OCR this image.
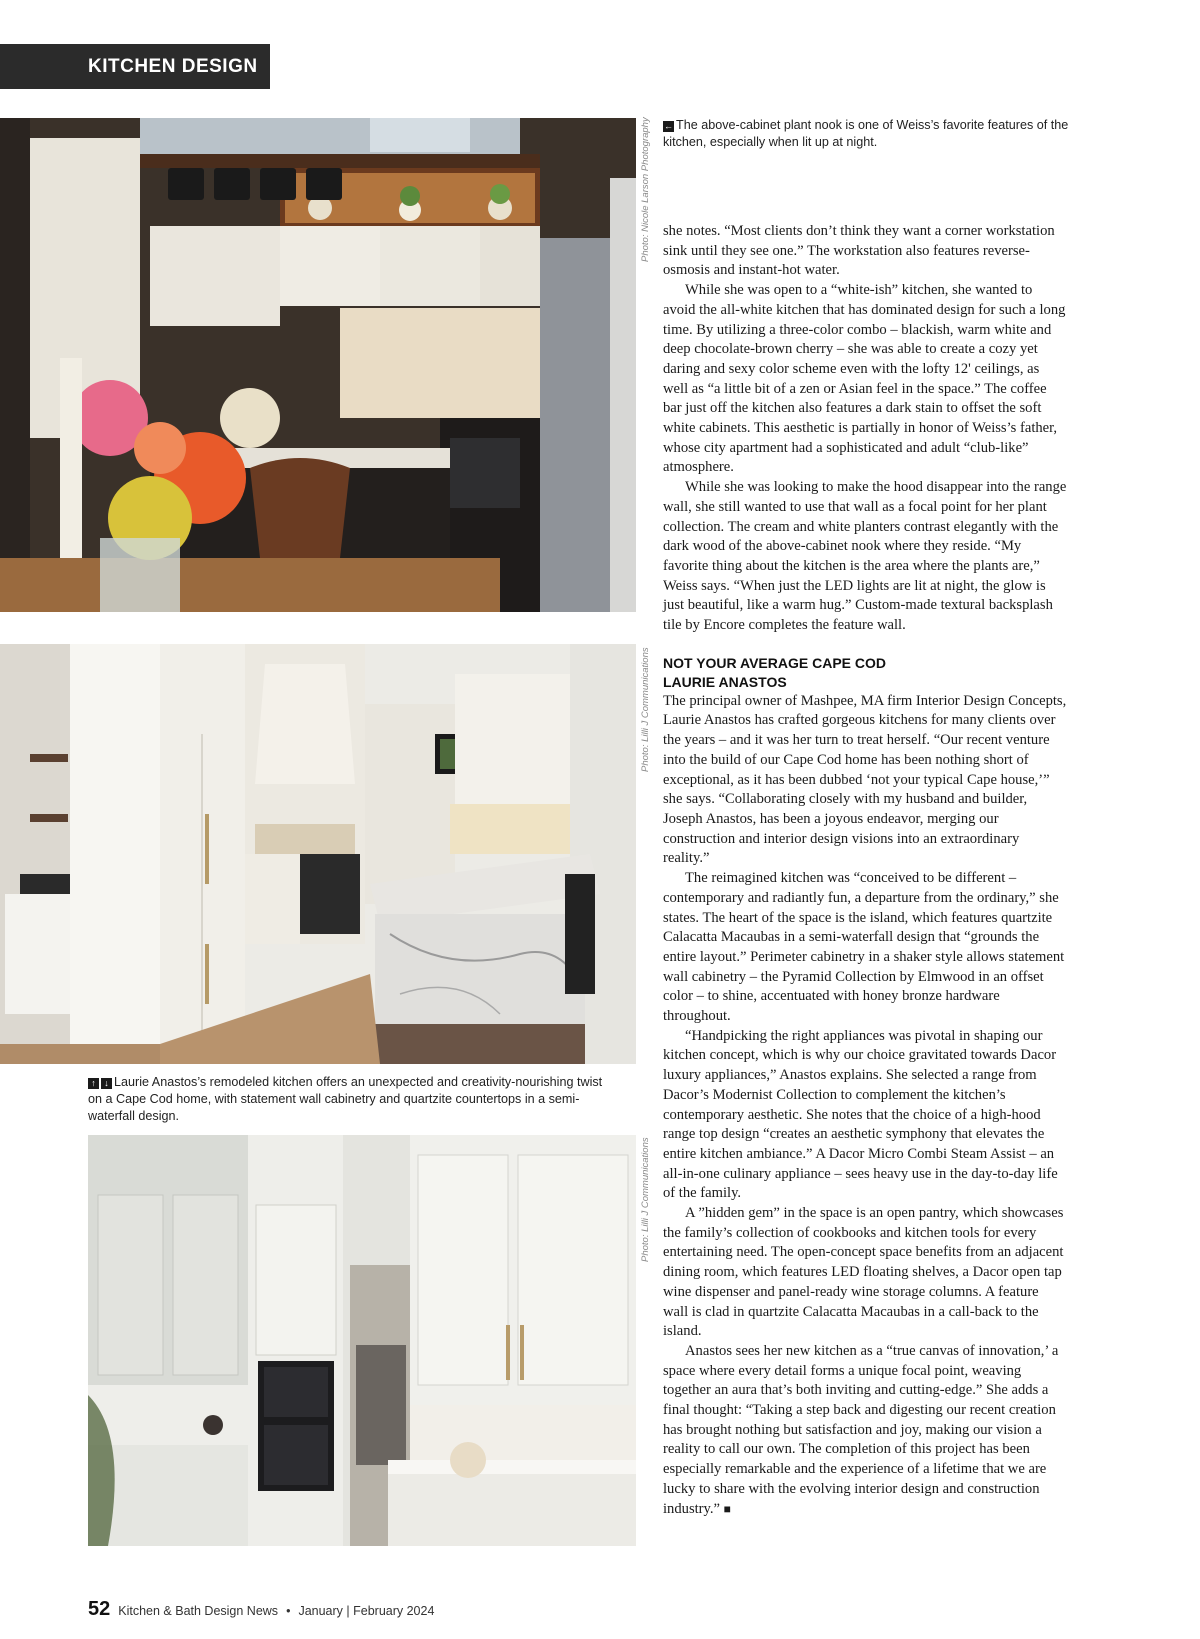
KITCHEN DESIGN
Photo: Nicole Larson Photography
Photo: Lilli J Communications
↑ ↓ Laurie Anastos’s remodeled kitchen offers an unexpected and creativity-nourishing twist on a Cape Cod home, with statement wall cabinetry and quartzite countertops in a semi-waterfall design.
Photo: Lilli J Communications
← The above-cabinet plant nook is one of Weiss’s favorite features of the kitchen, especially when lit up at night.

she notes. “Most clients don’t think they want a corner workstation sink until they see one.” The workstation also features reverse-osmosis and instant-hot water.

While she was open to a “white-ish” kitchen, she wanted to avoid the all-white kitchen that has dominated design for such a long time. By utilizing a three-color combo – blackish, warm white and deep chocolate-brown cherry – she was able to create a cozy yet daring and sexy color scheme even with the lofty 12' ceilings, as well as “a little bit of a zen or Asian feel in the space.” The coffee bar just off the kitchen also features a dark stain to offset the soft white cabinets. This aesthetic is partially in honor of Weiss’s father, whose city apartment had a sophisticated and adult “club-like” atmosphere.

While she was looking to make the hood disappear into the range wall, she still wanted to use that wall as a focal point for her plant collection. The cream and white planters contrast elegantly with the dark wood of the above-cabinet nook where they reside. “My favorite thing about the kitchen is the area where the plants are,” Weiss says. “When just the LED lights are lit at night, the glow is just beautiful, like a warm hug.” Custom-made textural backsplash tile by Encore completes the feature wall.

NOT YOUR AVERAGE CAPE COD
LAURIE ANASTOS

The principal owner of Mashpee, MA firm Interior Design Concepts, Laurie Anastos has crafted gorgeous kitchens for many clients over the years – and it was her turn to treat herself. “Our recent venture into the build of our Cape Cod home has been nothing short of exceptional, as it has been dubbed ‘not your typical Cape house,’” she says. “Collaborating closely with my husband and builder, Joseph Anastos, has been a joyous endeavor, merging our construction and interior design visions into an extraordinary reality.”

The reimagined kitchen was “conceived to be different – contemporary and radiantly fun, a departure from the ordinary,” she states. The heart of the space is the island, which features quartzite Calacatta Macaubas in a semi-waterfall design that “grounds the entire layout.” Perimeter cabinetry in a shaker style allows statement wall cabinetry – the Pyramid Collection by Elmwood in an offset color – to shine, accentuated with honey bronze hardware throughout.

“Handpicking the right appliances was pivotal in shaping our kitchen concept, which is why our choice gravitated towards Dacor luxury appliances,” Anastos explains. She selected a range from Dacor’s Modernist Collection to complement the kitchen’s contemporary aesthetic. She notes that the choice of a high-hood range top design “creates an aesthetic symphony that elevates the entire kitchen ambiance.” A Dacor Micro Combi Steam Assist – an all-in-one culinary appliance – sees heavy use in the day-to-day life of the family.

A ”hidden gem” in the space is an open pantry, which showcases the family’s collection of cookbooks and kitchen tools for every entertaining need. The open-concept space benefits from an adjacent dining room, which features LED floating shelves, a Dacor open tap wine dispenser and panel-ready wine storage columns. A feature wall is clad in quartzite Calacatta Macaubas in a call-back to the island.

Anastos sees her new kitchen as a “true canvas of innovation,’ a space where every detail forms a unique focal point, weaving together an aura that’s both inviting and cutting-edge.” She adds a final thought: “Taking a step back and digesting our recent creation has brought nothing but satisfaction and joy, making our vision a reality to call our own. The completion of this project has been especially remarkable and the experience of a lifetime that we are lucky to share with the evolving interior design and construction industry.” ■

52 Kitchen & Bath Design News • January | February 2024
